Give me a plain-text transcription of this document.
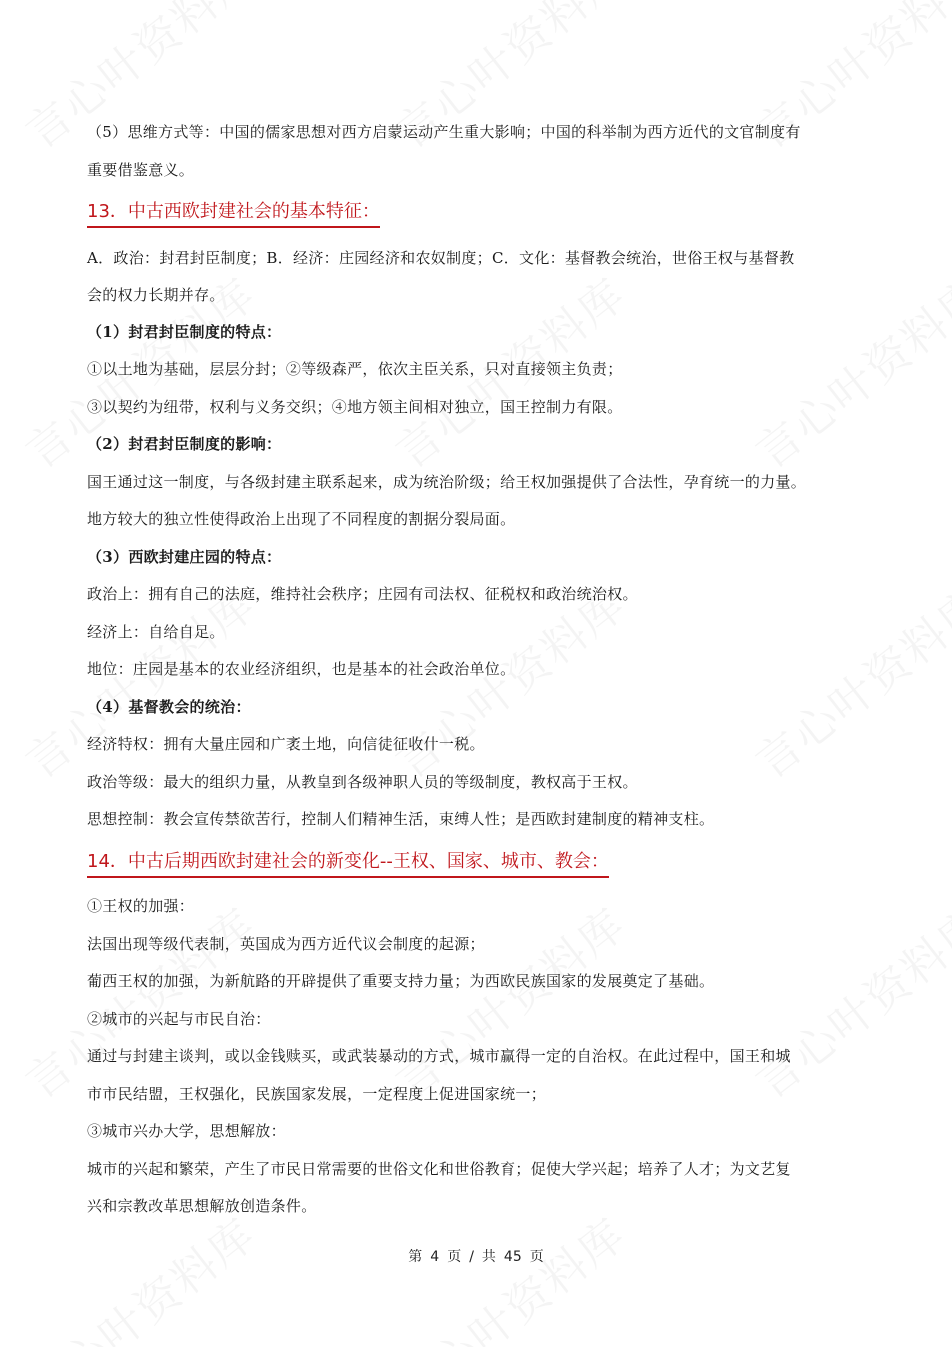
（5）思维方式等：中国的儒家思想对西方启蒙运动产生重大影响；中国的科举制为西方近代的文官制度有
重要借鉴意义。
13．中古西欧封建社会的基本特征：
A．政治：封君封臣制度；B．经济：庄园经济和农奴制度；C．文化：基督教会统治，世俗王权与基督教
会的权力长期并存。
（1）封君封臣制度的特点：
①以土地为基础，层层分封；②等级森严，依次主臣关系，只对直接领主负责；
③以契约为纽带，权利与义务交织；④地方领主间相对独立，国王控制力有限。
（2）封君封臣制度的影响：
国王通过这一制度，与各级封建主联系起来，成为统治阶级；给王权加强提供了合法性，孕育统一的力量。
地方较大的独立性使得政治上出现了不同程度的割据分裂局面。
（3）西欧封建庄园的特点：
政治上：拥有自己的法庭，维持社会秩序；庄园有司法权、征税权和政治统治权。
经济上：自给自足。
地位：庄园是基本的农业经济组织，也是基本的社会政治单位。
（4）基督教会的统治：
经济特权：拥有大量庄园和广袤土地，向信徒征收什一税。
政治等级：最大的组织力量，从教皇到各级神职人员的等级制度，教权高于王权。
思想控制：教会宣传禁欲苦行，控制人们精神生活，束缚人性；是西欧封建制度的精神支柱。
14．中古后期西欧封建社会的新变化--王权、国家、城市、教会：
①王权的加强：
法国出现等级代表制，英国成为西方近代议会制度的起源；
葡西王权的加强，为新航路的开辟提供了重要支持力量；为西欧民族国家的发展奠定了基础。
②城市的兴起与市民自治：
通过与封建主谈判，或以金钱赎买，或武装暴动的方式，城市赢得一定的自治权。在此过程中，国王和城
市市民结盟，王权强化，民族国家发展，一定程度上促进国家统一；
③城市兴办大学，思想解放：
城市的兴起和繁荣，产生了市民日常需要的世俗文化和世俗教育；促使大学兴起；培养了人才；为文艺复
兴和宗教改革思想解放创造条件。
第 4 页 / 共 45 页
